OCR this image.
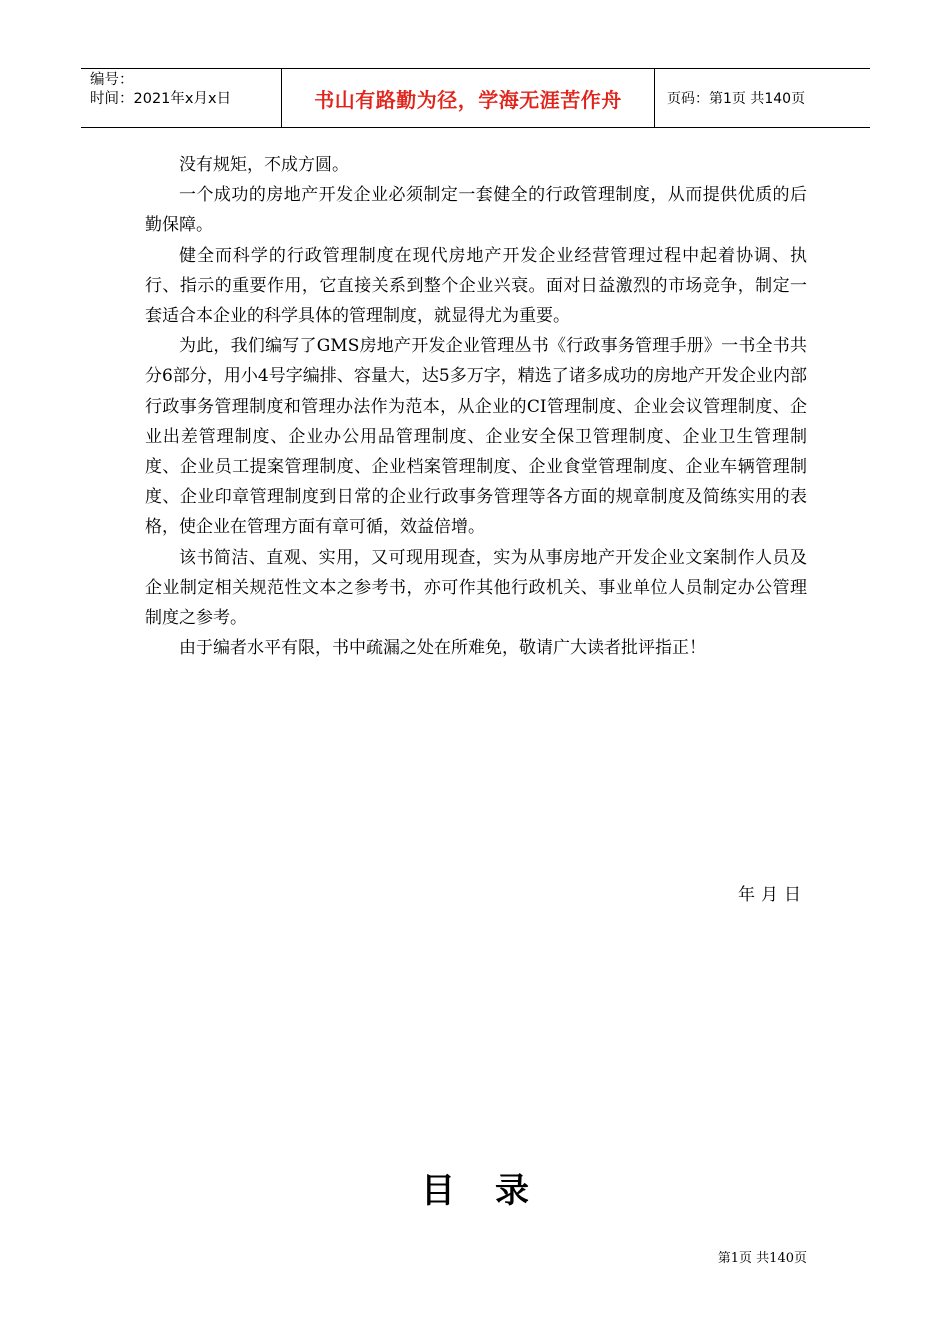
编号：
时间：2021年x月x日	书山有路勤为径，学海无涯苦作舟	页码：第1页 共140页

没有规矩，不成方圆。

一个成功的房地产开发企业必须制定一套健全的行政管理制度，从而提供优质的后勤保障。

健全而科学的行政管理制度在现代房地产开发企业经营管理过程中起着协调、执行、指示的重要作用，它直接关系到整个企业兴衰。面对日益激烈的市场竞争，制定一套适合本企业的科学具体的管理制度，就显得尤为重要。

为此，我们编写了GMS房地产开发企业管理丛书《行政事务管理手册》一书全书共分6部分，用小4号字编排、容量大，达5多万字，精选了诸多成功的房地产开发企业内部行政事务管理制度和管理办法作为范本，从企业的CI管理制度、企业会议管理制度、企业出差管理制度、企业办公用品管理制度、企业安全保卫管理制度、企业卫生管理制度、企业员工提案管理制度、企业档案管理制度、企业食堂管理制度、企业车辆管理制度、企业印章管理制度到日常的企业行政事务管理等各方面的规章制度及简练实用的表格，使企业在管理方面有章可循，效益倍增。

该书简洁、直观、实用，又可现用现查，实为从事房地产开发企业文案制作人员及企业制定相关规范性文本之参考书，亦可作其他行政机关、事业单位人员制定办公管理制度之参考。

由于编者水平有限，书中疏漏之处在所难免，敬请广大读者批评指正！

年月日
目录
第1页 共140页
